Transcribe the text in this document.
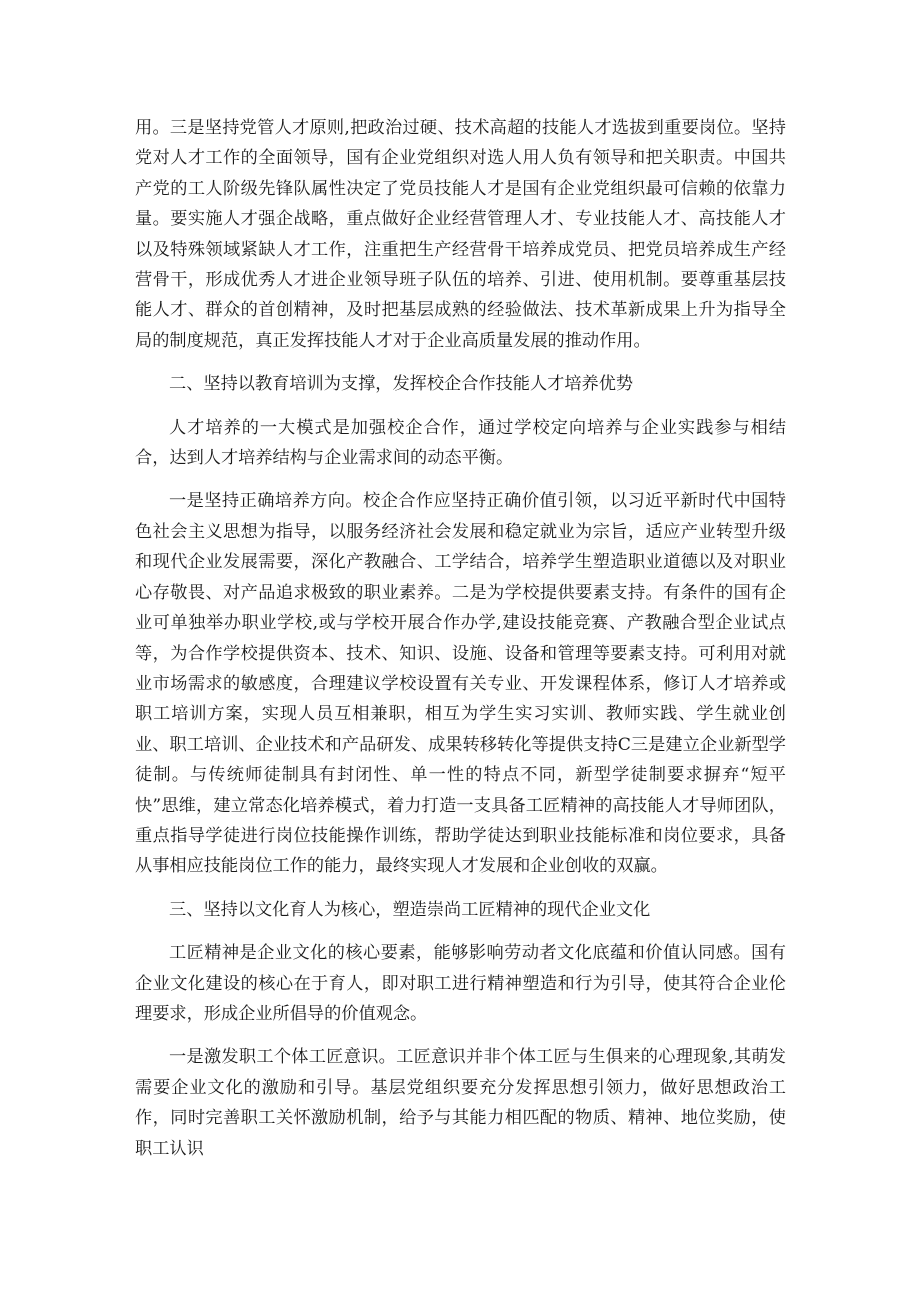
用。三是坚持党管人才原则,把政治过硬、技术高超的技能人才选拔到重要岗位。坚持党对人才工作的全面领导，国有企业党组织对选人用人负有领导和把关职责。中国共产党的工人阶级先锋队属性决定了党员技能人才是国有企业党组织最可信赖的依靠力量。要实施人才强企战略，重点做好企业经营管理人才、专业技能人才、高技能人才以及特殊领域紧缺人才工作，注重把生产经营骨干培养成党员、把党员培养成生产经营骨干，形成优秀人才进企业领导班子队伍的培养、引进、使用机制。要尊重基层技能人才、群众的首创精神，及时把基层成熟的经验做法、技术革新成果上升为指导全局的制度规范，真正发挥技能人才对于企业高质量发展的推动作用。

二、坚持以教育培训为支撑，发挥校企合作技能人才培养优势

人才培养的一大模式是加强校企合作，通过学校定向培养与企业实践参与相结合，达到人才培养结构与企业需求间的动态平衡。

一是坚持正确培养方向。校企合作应坚持正确价值引领，以习近平新时代中国特色社会主义思想为指导，以服务经济社会发展和稳定就业为宗旨，适应产业转型升级和现代企业发展需要，深化产教融合、工学结合，培养学生塑造职业道德以及对职业心存敬畏、对产品追求极致的职业素养。二是为学校提供要素支持。有条件的国有企业可单独举办职业学校,或与学校开展合作办学,建设技能竞赛、产教融合型企业试点等，为合作学校提供资本、技术、知识、设施、设备和管理等要素支持。可利用对就业市场需求的敏感度，合理建议学校设置有关专业、开发课程体系，修订人才培养或职工培训方案，实现人员互相兼职，相互为学生实习实训、教师实践、学生就业创业、职工培训、企业技术和产品研发、成果转移转化等提供支持C三是建立企业新型学徒制。与传统师徒制具有封闭性、单一性的特点不同，新型学徒制要求摒弃“短平快”思维，建立常态化培养模式，着力打造一支具备工匠精神的高技能人才导师团队，重点指导学徒进行岗位技能操作训练，帮助学徒达到职业技能标准和岗位要求，具备从事相应技能岗位工作的能力，最终实现人才发展和企业创收的双赢。

三、坚持以文化育人为核心，塑造崇尚工匠精神的现代企业文化

工匠精神是企业文化的核心要素，能够影响劳动者文化底蕴和价值认同感。国有企业文化建设的核心在于育人，即对职工进行精神塑造和行为引导，使其符合企业伦理要求，形成企业所倡导的价值观念。

一是激发职工个体工匠意识。工匠意识并非个体工匠与生俱来的心理现象,其萌发需要企业文化的激励和引导。基层党组织要充分发挥思想引领力，做好思想政治工作，同时完善职工关怀激励机制，给予与其能力相匹配的物质、精神、地位奖励，使职工认识
